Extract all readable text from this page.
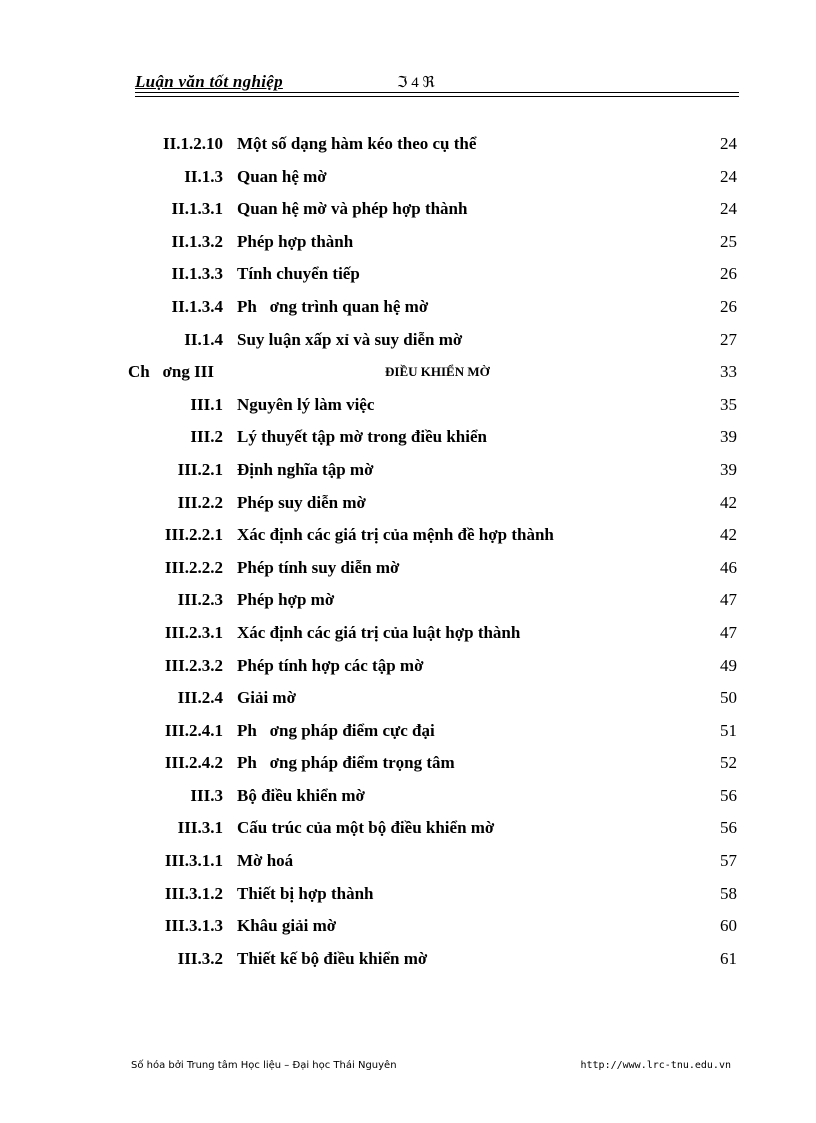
Luận văn tốt nghiệp	ℑ 4 ℜ
II.1.2.10 Một số dạng hàm kéo theo cụ thể	24
II.1.3 Quan hệ mờ	24
II.1.3.1 Quan hệ mờ và phép hợp thành	24
II.1.3.2 Phép hợp thành	25
II.1.3.3 Tính chuyển tiếp	26
II.1.3.4 Ph   ơng trình quan hệ mờ	26
II.1.4 Suy luận xấp xỉ và suy diễn mờ	27
Ch   ơng III	ĐIỀU KHIỂN MỜ	33
III.1 Nguyên lý làm việc	35
III.2 Lý thuyết tập mờ trong điều khiển	39
III.2.1 Định nghĩa tập mờ	39
III.2.2 Phép suy diễn mờ	42
III.2.2.1 Xác định các giá trị của mệnh đề hợp thành	42
III.2.2.2 Phép tính suy diễn mờ	46
III.2.3 Phép hợp mờ	47
III.2.3.1 Xác định các giá trị của luật hợp thành	47
III.2.3.2 Phép tính hợp các tập mờ	49
III.2.4 Giải mờ	50
III.2.4.1 Ph   ơng pháp điểm cực đại	51
III.2.4.2 Ph   ơng pháp điểm trọng tâm	52
III.3 Bộ điều khiển mờ	56
III.3.1 Cấu trúc của một bộ điều khiển mờ	56
III.3.1.1 Mờ hoá	57
III.3.1.2 Thiết bị hợp thành	58
III.3.1.3 Khâu giải mờ	60
III.3.2 Thiết kế bộ điều khiển mờ	61
Số hóa bởi Trung tâm Học liệu – Đại học Thái Nguyên	http://www.lrc-tnu.edu.vn
